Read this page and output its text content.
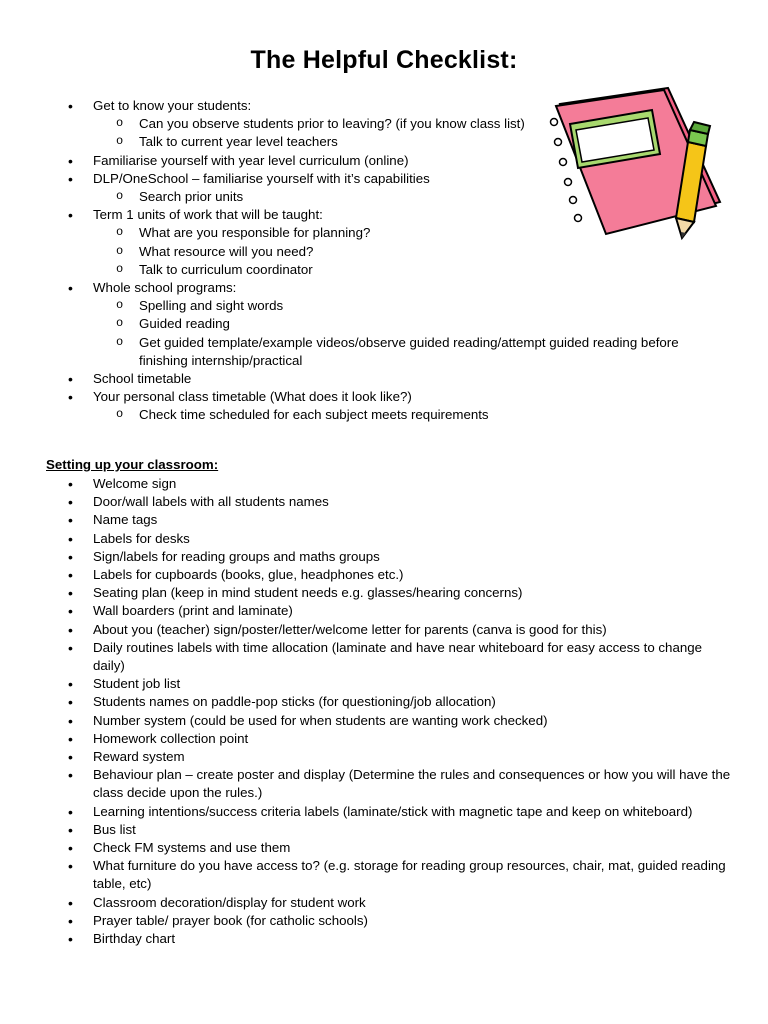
The Helpful Checklist:
• Get to know your students:
o Can you observe students prior to leaving? (if you know class list)
o Talk to current year level teachers
• Familiarise yourself with year level curriculum (online)
• DLP/OneSchool – familiarise yourself with it’s capabilities
o Search prior units
• Term 1 units of work that will be taught:
o What are you responsible for planning?
o What resource will you need?
o Talk to curriculum coordinator
• Whole school programs:
o Spelling and sight words
o Guided reading
o Get guided template/example videos/observe guided reading/attempt guided reading before finishing internship/practical
• School timetable
• Your personal class timetable (What does it look like?)
o Check time scheduled for each subject meets requirements

Setting up your classroom:

• Welcome sign
• Door/wall labels with all students names
• Name tags
• Labels for desks
• Sign/labels for reading groups and maths groups
• Labels for cupboards (books, glue, headphones etc.)
• Seating plan (keep in mind student needs e.g. glasses/hearing concerns)
• Wall boarders (print and laminate)
• About you (teacher) sign/poster/letter/welcome letter for parents (canva is good for this)
• Daily routines labels with time allocation (laminate and have near whiteboard for easy access to change daily)
• Student job list
• Students names on paddle-pop sticks (for questioning/job allocation)
• Number system (could be used for when students are wanting work checked)
• Homework collection point
• Reward system
• Behaviour plan – create poster and display (Determine the rules and consequences or how you will have the class decide upon the rules.)
• Learning intentions/success criteria labels (laminate/stick with magnetic tape and keep on whiteboard)
• Bus list
• Check FM systems and use them
• What furniture do you have access to? (e.g. storage for reading group resources, chair, mat, guided reading table, etc)
• Classroom decoration/display for student work
• Prayer table/ prayer book (for catholic schools)
• Birthday chart
